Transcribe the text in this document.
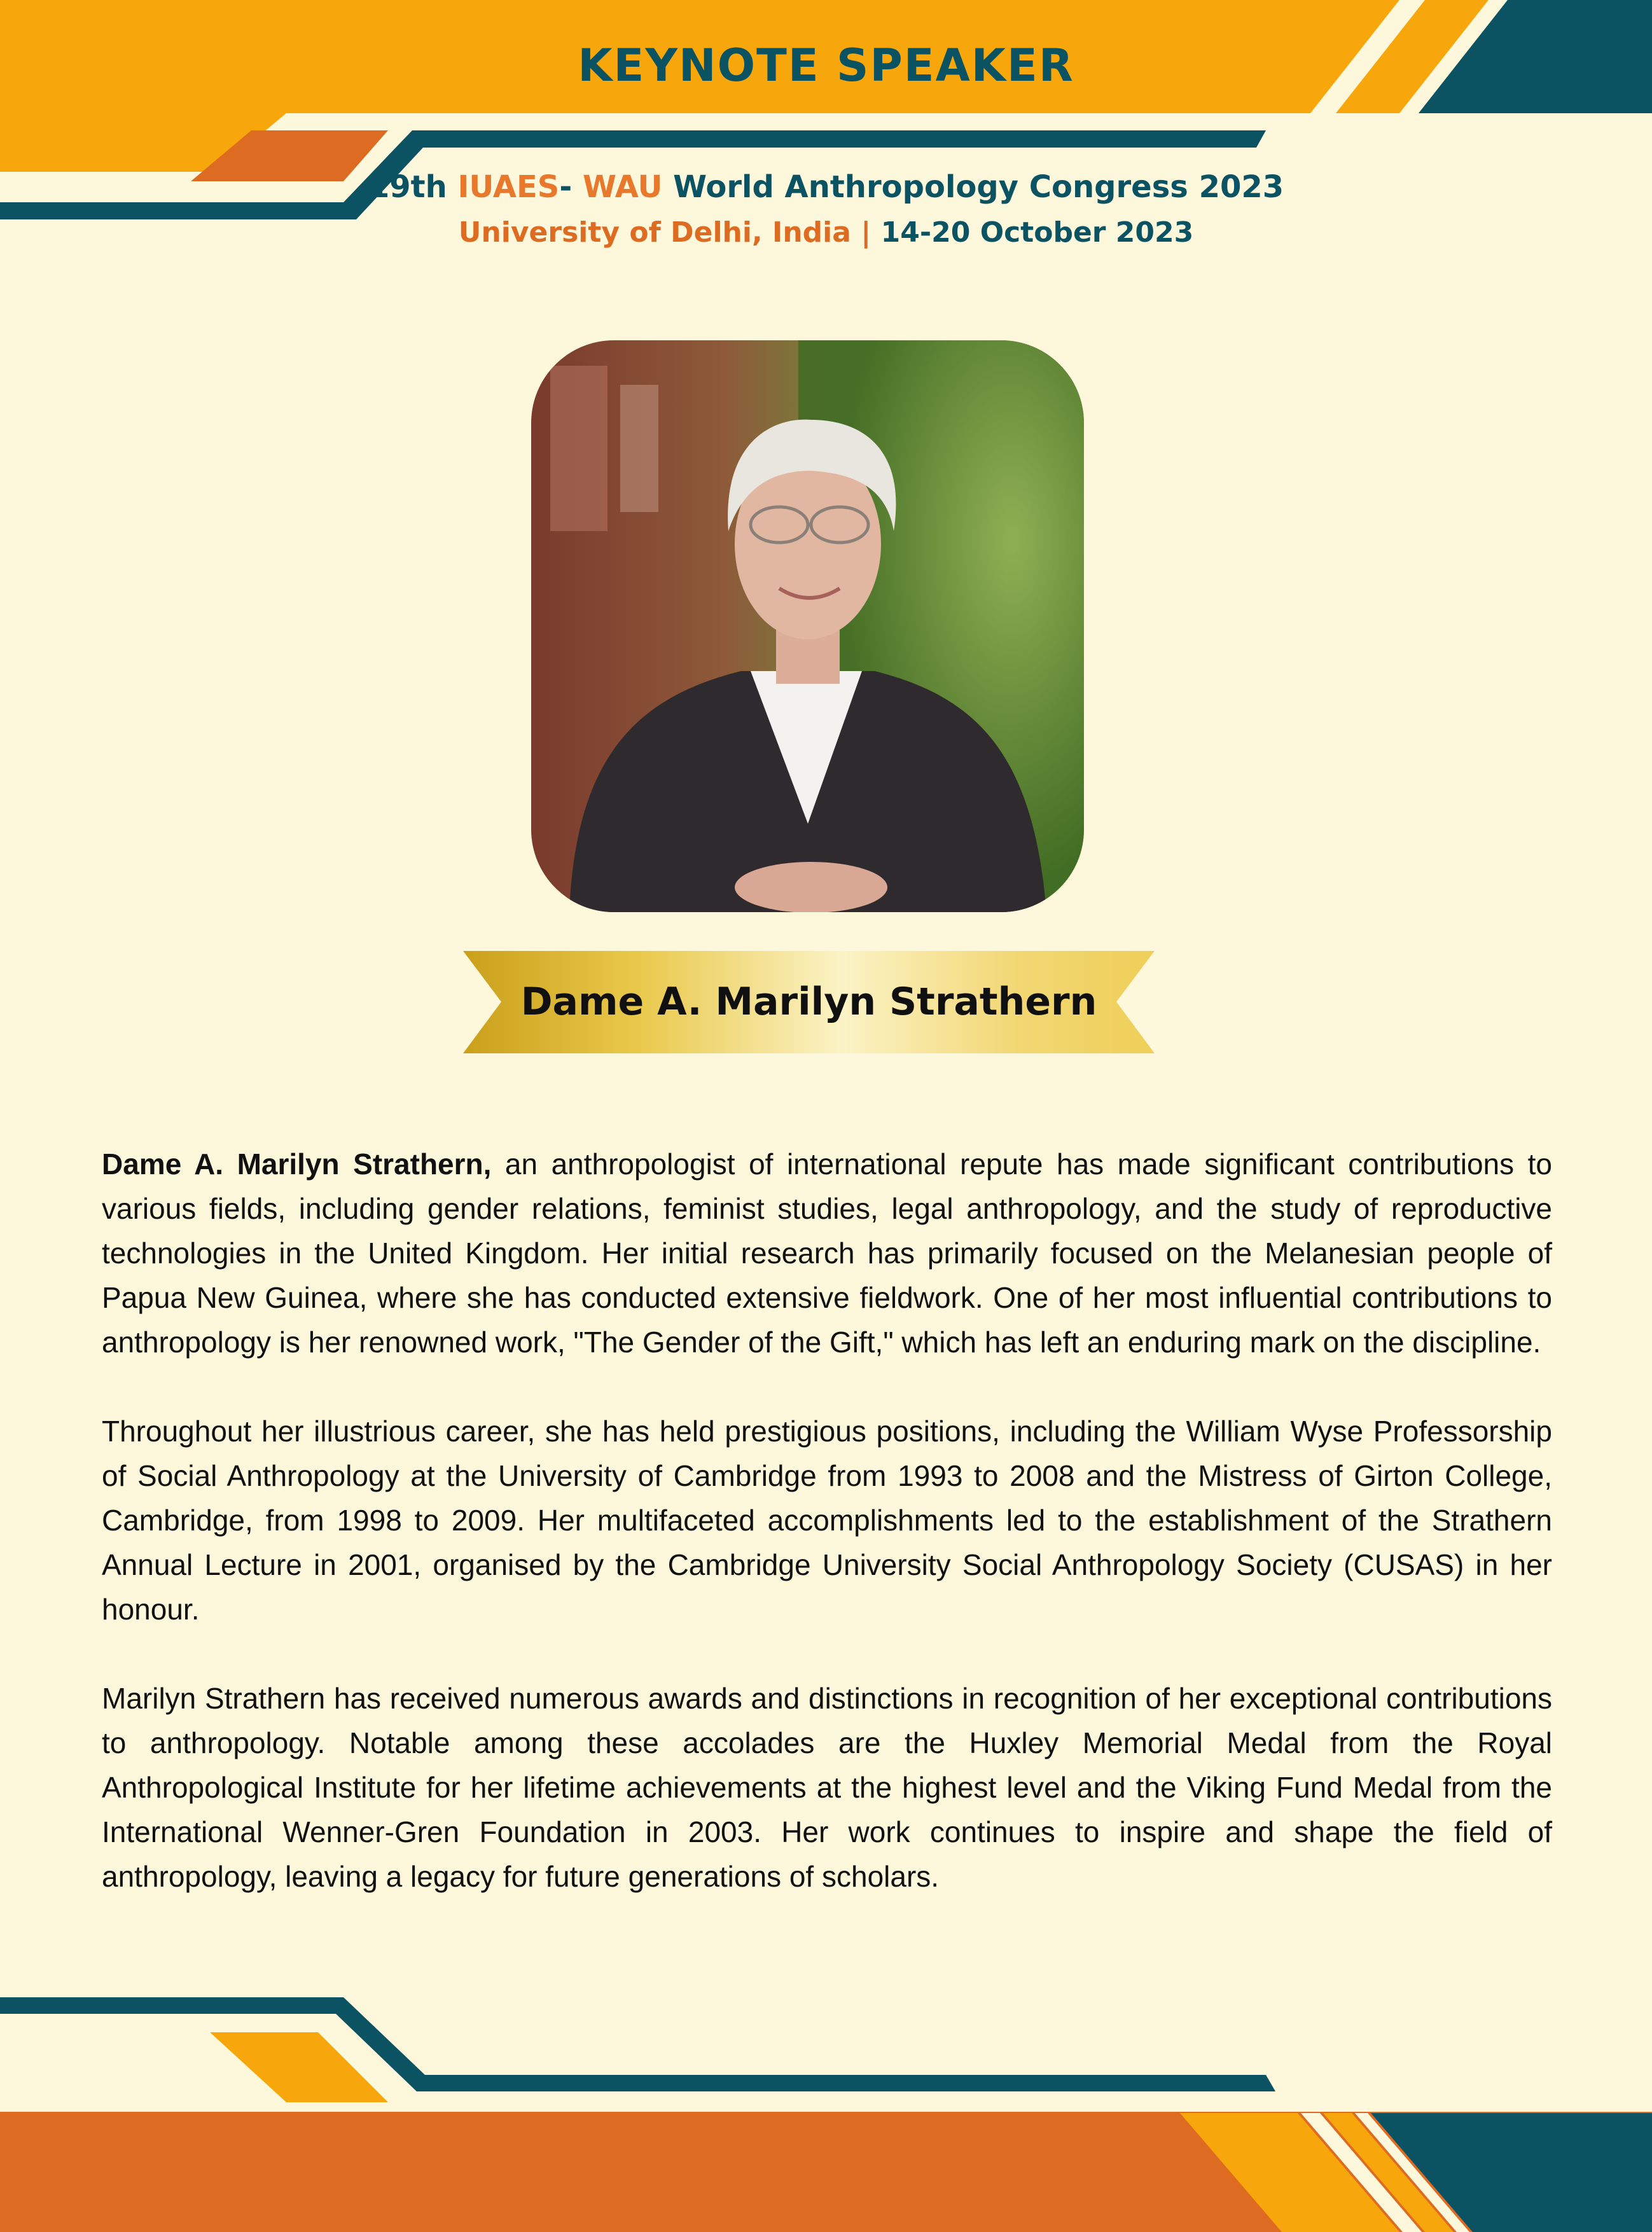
KEYNOTE SPEAKER
19th IUAES- WAU World Anthropology Congress 2023
University of Delhi, India | 14-20 October 2023
Dame A. Marilyn Strathern

Dame A. Marilyn Strathern, an anthropologist of international repute has made significant contributions to various fields, including gender relations, feminist studies, legal anthropology, and the study of reproductive technologies in the United Kingdom. Her initial research has primarily focused on the Melanesian people of Papua New Guinea, where she has conducted extensive fieldwork. One of her most influential contributions to anthropology is her renowned work, "The Gender of the Gift," which has left an enduring mark on the discipline.

Throughout her illustrious career, she has held prestigious positions, including the William Wyse Professorship of Social Anthropology at the University of Cambridge from 1993 to 2008 and the Mistress of Girton College, Cambridge, from 1998 to 2009. Her multifaceted accomplishments led to the establishment of the Strathern Annual Lecture in 2001, organised by the Cambridge University Social Anthropology Society (CUSAS) in her honour.

Marilyn Strathern has received numerous awards and distinctions in recognition of her exceptional contributions to anthropology. Notable among these accolades are the Huxley Memorial Medal from the Royal Anthropological Institute for her lifetime achievements at the highest level and the Viking Fund Medal from the International Wenner-Gren Foundation in 2003. Her work continues to inspire and shape the field of anthropology, leaving a legacy for future generations of scholars.
